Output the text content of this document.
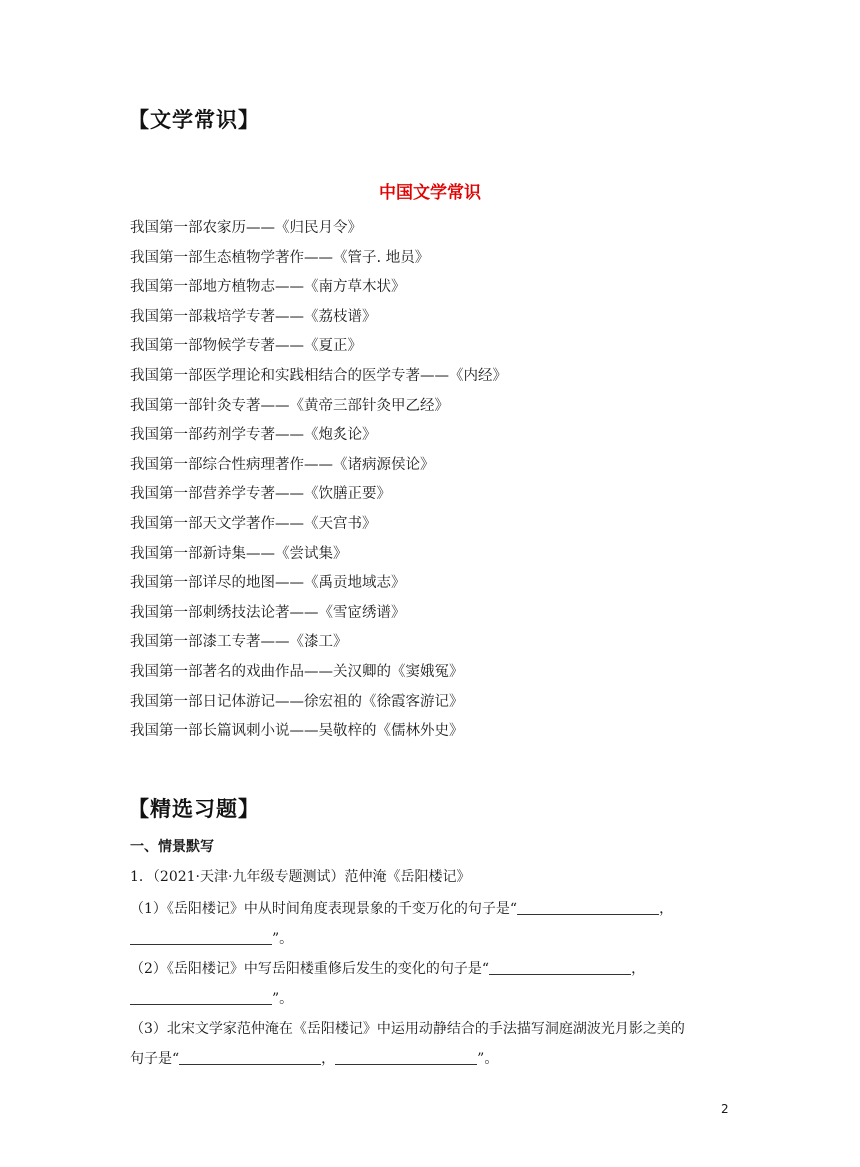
【文学常识】
中国文学常识
我国第一部农家历——《归民月令》
我国第一部生态植物学著作——《管子. 地员》
我国第一部地方植物志——《南方草木状》
我国第一部栽培学专著——《荔枝谱》
我国第一部物候学专著——《夏正》
我国第一部医学理论和实践相结合的医学专著——《内经》
我国第一部针灸专著——《黄帝三部针灸甲乙经》
我国第一部药剂学专著——《炮炙论》
我国第一部综合性病理著作——《诸病源侯论》
我国第一部营养学专著——《饮膳正要》
我国第一部天文学著作——《天宫书》
我国第一部新诗集——《尝试集》
我国第一部详尽的地图——《禹贡地域志》
我国第一部刺绣技法论著——《雪宧绣谱》
我国第一部漆工专著——《漆工》
我国第一部著名的戏曲作品——关汉卿的《窦娥冤》
我国第一部日记体游记——徐宏祖的《徐霞客游记》
我国第一部长篇讽刺小说——吴敬梓的《儒林外史》
【精选习题】
一、情景默写
1．（2021·天津·九年级专题测试）范仲淹《岳阳楼记》
（1）《岳阳楼记》中从时间角度表现景象的千变万化的句子是“	，
”。
（2）《岳阳楼记》中写岳阳楼重修后发生的变化的句子是“	，
”。
（3）北宋文学家范仲淹在《岳阳楼记》中运用动静结合的手法描写洞庭湖波光月影之美的
句子是“	，	”。
2
